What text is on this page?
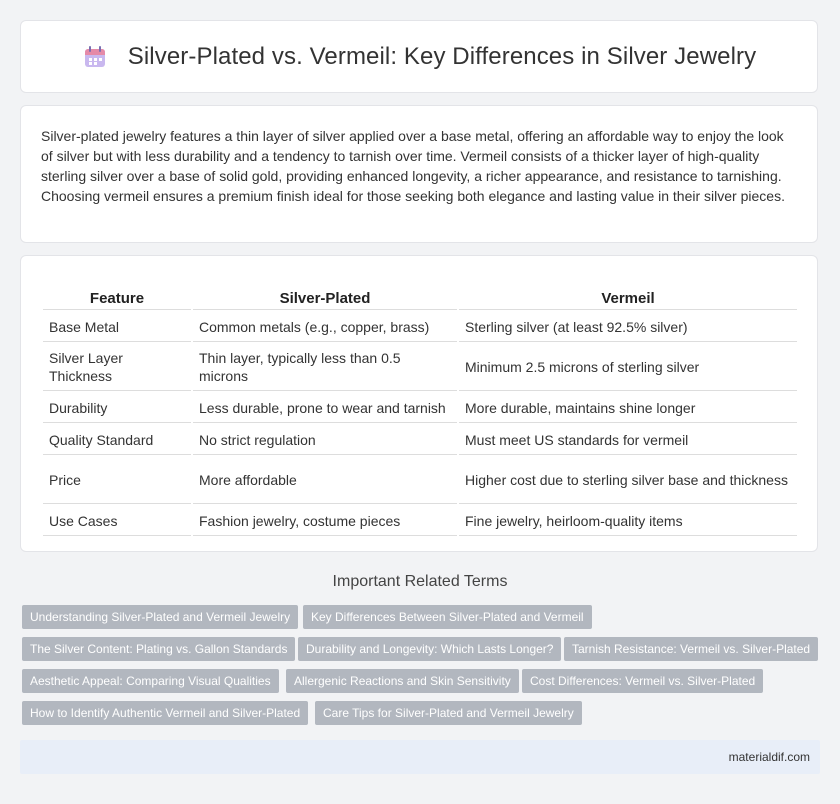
Silver-Plated vs. Vermeil: Key Differences in Silver Jewelry

Silver-plated jewelry features a thin layer of silver applied over a base metal, offering an affordable way to enjoy the look of silver but with less durability and a tendency to tarnish over time. Vermeil consists of a thicker layer of high-quality sterling silver over a base of solid gold, providing enhanced longevity, a richer appearance, and resistance to tarnishing. Choosing vermeil ensures a premium finish ideal for those seeking both elegance and lasting value in their silver pieces.

Feature	Silver-Plated	Vermeil
Base Metal	Common metals (e.g., copper, brass)	Sterling silver (at least 92.5% silver)
Silver Layer Thickness	Thin layer, typically less than 0.5 microns	Minimum 2.5 microns of sterling silver
Durability	Less durable, prone to wear and tarnish	More durable, maintains shine longer
Quality Standard	No strict regulation	Must meet US standards for vermeil
Price	More affordable	Higher cost due to sterling silver base and thickness
Use Cases	Fashion jewelry, costume pieces	Fine jewelry, heirloom-quality items
Important Related Terms
Understanding Silver-Plated and Vermeil Jewelry	Key Differences Between Silver-Plated and Vermeil
The Silver Content: Plating vs. Gallon Standards	Durability and Longevity: Which Lasts Longer?	Tarnish Resistance: Vermeil vs. Silver-Plated
Aesthetic Appeal: Comparing Visual Qualities	Allergenic Reactions and Skin Sensitivity	Cost Differences: Vermeil vs. Silver-Plated
How to Identify Authentic Vermeil and Silver-Plated	Care Tips for Silver-Plated and Vermeil Jewelry
materialdif.com
